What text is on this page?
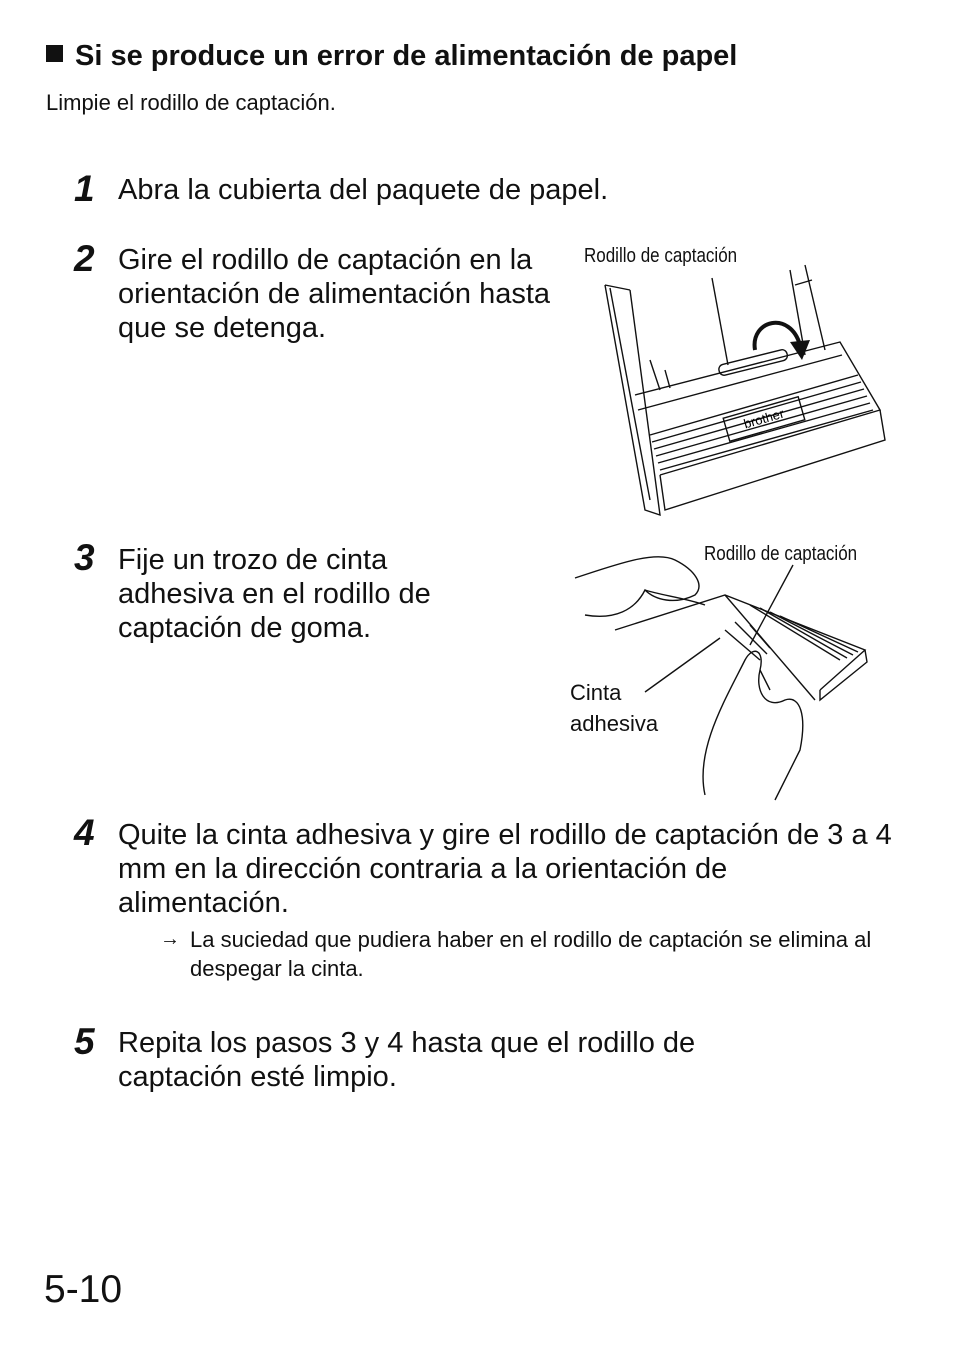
Si se produce un error de alimentación de papel
Limpie el rodillo de captación.
1 Abra la cubierta del paquete de papel.
2 Gire el rodillo de captación en la orientación de alimentación hasta que se detenga.
Rodillo de captación
brother
3 Fije un trozo de cinta adhesiva en el rodillo de captación de goma.
Rodillo de captación
Cinta
adhesiva
4 Quite la cinta adhesiva y gire el rodillo de captación de 3 a 4 mm en la dirección contraria a la orientación de alimentación.
→ La suciedad que pudiera haber en el rodillo de captación se elimina al despegar la cinta.
5 Repita los pasos 3 y 4 hasta que el rodillo de captación esté limpio.
5-10
